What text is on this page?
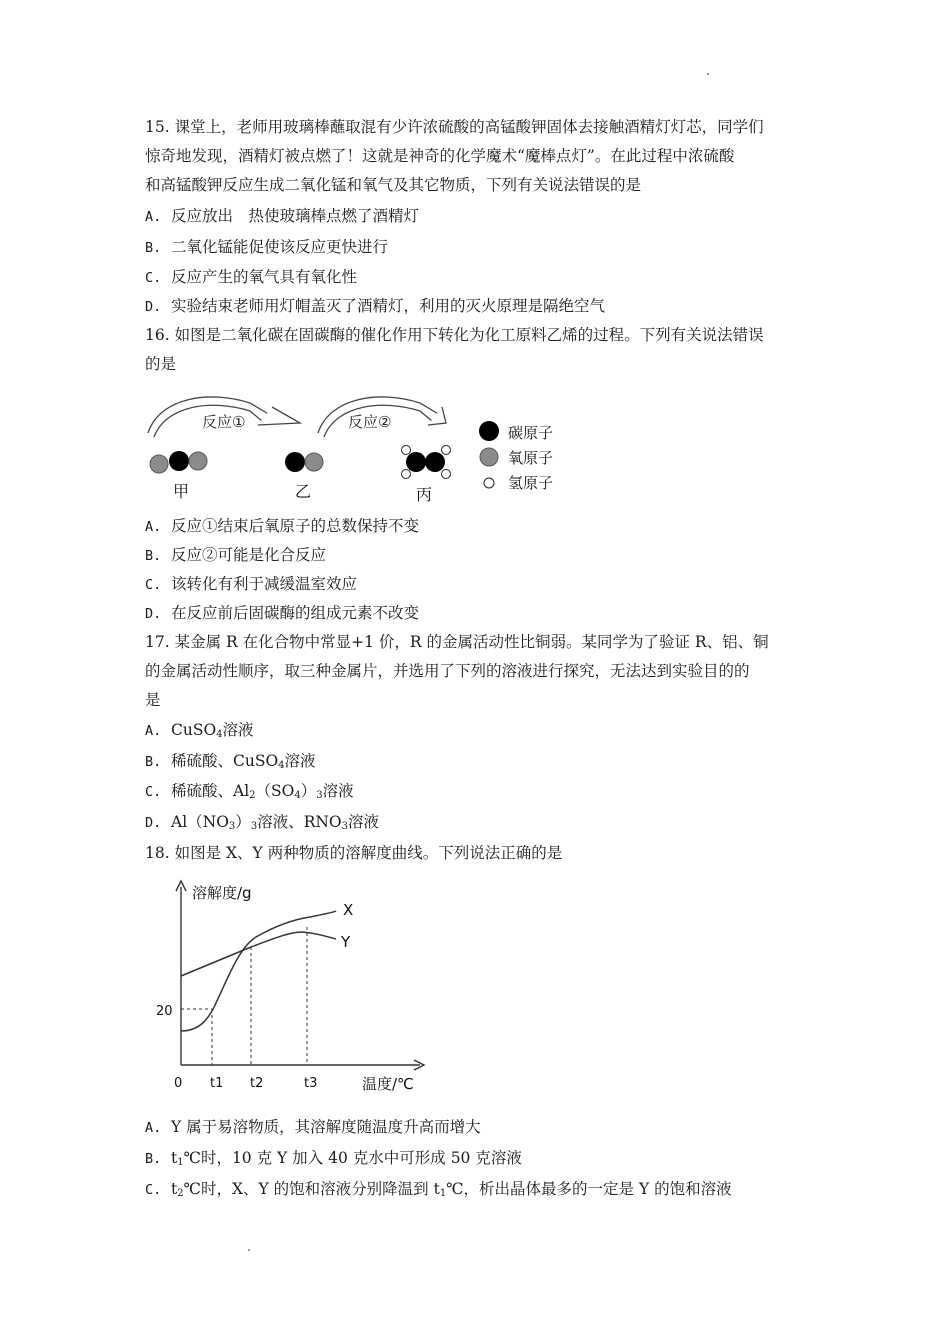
15. 课堂上，老师用玻璃棒蘸取混有少许浓硫酸的高锰酸钾固体去接触酒精灯灯芯，同学们
惊奇地发现，酒精灯被点燃了！这就是神奇的化学魔术“魔棒点灯”。在此过程中浓硫酸
和高锰酸钾反应生成二氧化锰和氧气及其它物质，下列有关说法错误的是
A. 反应放出　热使玻璃棒点燃了酒精灯
B. 二氧化锰能促使该反应更快进行
C. 反应产生的氧气具有氧化性
D. 实验结束老师用灯帽盖灭了酒精灯，利用的灭火原理是隔绝空气
16. 如图是二氧化碳在固碳酶的催化作用下转化为化工原料乙烯的过程。下列有关说法错误
的是
反应①	反应②
甲	乙	丙
碳原子
氧原子
氢原子
A. 反应①结束后氧原子的总数保持不变
B. 反应②可能是化合反应
C. 该转化有利于减缓温室效应
D. 在反应前后固碳酶的组成元素不改变
17. 某金属 R 在化合物中常显+1 价，R 的金属活动性比铜弱。某同学为了验证 R、铝、铜
的金属活动性顺序，取三种金属片，并选用了下列的溶液进行探究，无法达到实验目的的
是
A. CuSO$_4$溶液
B. 稀硫酸、CuSO$_4$溶液
C. 稀硫酸、$Al_2(SO_4)_3$溶液
D. $Al(NO_3)_3$溶液、$RNO_3$溶液
18. 如图是 X、Y 两种物质的溶解度曲线。下列说法正确的是
溶解度/g
温度/℃
0
20
t1 t2	t3
X
Y
A. Y 属于易溶物质，其溶解度随温度升高而增大
B. $t_1℃$时，10 克 Y 加入 40 克水中可形成 50 克溶液
C. $t_2℃$时，X、Y 的饱和溶液分别降温到 $t_1℃$，析出晶体最多的一定是 Y 的饱和溶液
